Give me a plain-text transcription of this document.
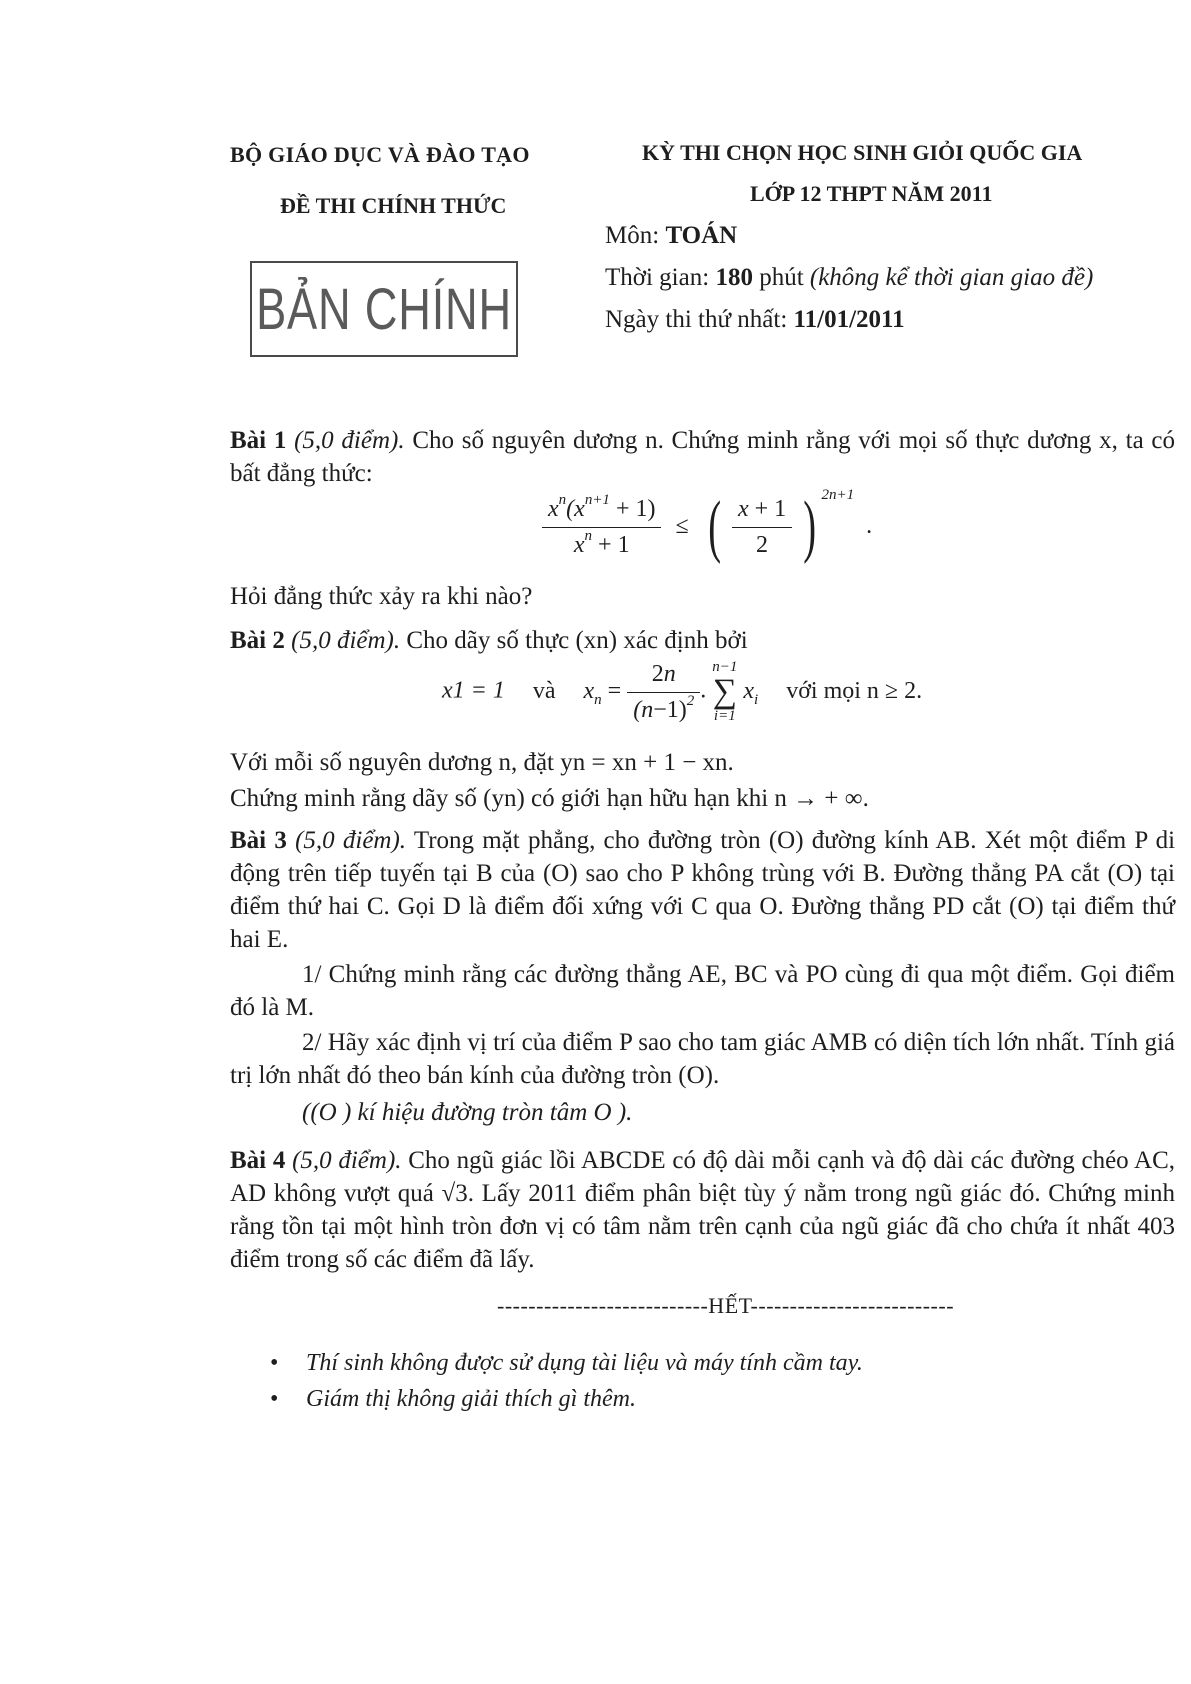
BỘ GIÁO DỤC VÀ ĐÀO TẠO
ĐỀ THI CHÍNH THỨC
BẢN CHÍNH
KỲ THI CHỌN HỌC SINH GIỎI QUỐC GIA
LỚP 12 THPT NĂM 2011
Môn: TOÁN
Thời gian: 180 phút (không kể thời gian giao đề)
Ngày thi thứ nhất: 11/01/2011
Bài 1 (5,0 điểm). Cho số nguyên dương n. Chứng minh rằng với mọi số thực dương x, ta có bất đẳng thức:
$\frac{x^n(x^{n+1} + 1)}{x^n + 1}$ ≤ ( $\frac{x + 1}{2}$ ) $^{2n+1}$ .
Hỏi đẳng thức xảy ra khi nào?
Bài 2 (5,0 điểm). Cho dãy số thực (xn) xác định bởi
x1 = 1 và $x_n = \frac{2n}{(n-1)^2}$ .
n−1
∑
i=1
$x_i$ với mọi n ≥ 2.
Với mỗi số nguyên dương n, đặt yn = xn + 1 − xn.
Chứng minh rằng dãy số (yn) có giới hạn hữu hạn khi n → + ∞.
Bài 3 (5,0 điểm). Trong mặt phẳng, cho đường tròn (O) đường kính AB. Xét một điểm P di động trên tiếp tuyến tại B của (O) sao cho P không trùng với B. Đường thẳng PA cắt (O) tại điểm thứ hai C. Gọi D là điểm đối xứng với C qua O. Đường thẳng PD cắt (O) tại điểm thứ hai E.
1/ Chứng minh rằng các đường thẳng AE, BC và PO cùng đi qua một điểm. Gọi điểm đó là M.
2/ Hãy xác định vị trí của điểm P sao cho tam giác AMB có diện tích lớn nhất. Tính giá trị lớn nhất đó theo bán kính của đường tròn (O).
((O ) kí hiệu đường tròn tâm O ).
Bài 4 (5,0 điểm). Cho ngũ giác lồi ABCDE có độ dài mỗi cạnh và độ dài các đường chéo AC, AD không vượt quá √3. Lấy 2011 điểm phân biệt tùy ý nằm trong ngũ giác đó. Chứng minh rằng tồn tại một hình tròn đơn vị có tâm nằm trên cạnh của ngũ giác đã cho chứa ít nhất 403 điểm trong số các điểm đã lấy.
---------------------------HẾT--------------------------
• Thí sinh không được sử dụng tài liệu và máy tính cầm tay.
• Giám thị không giải thích gì thêm.
